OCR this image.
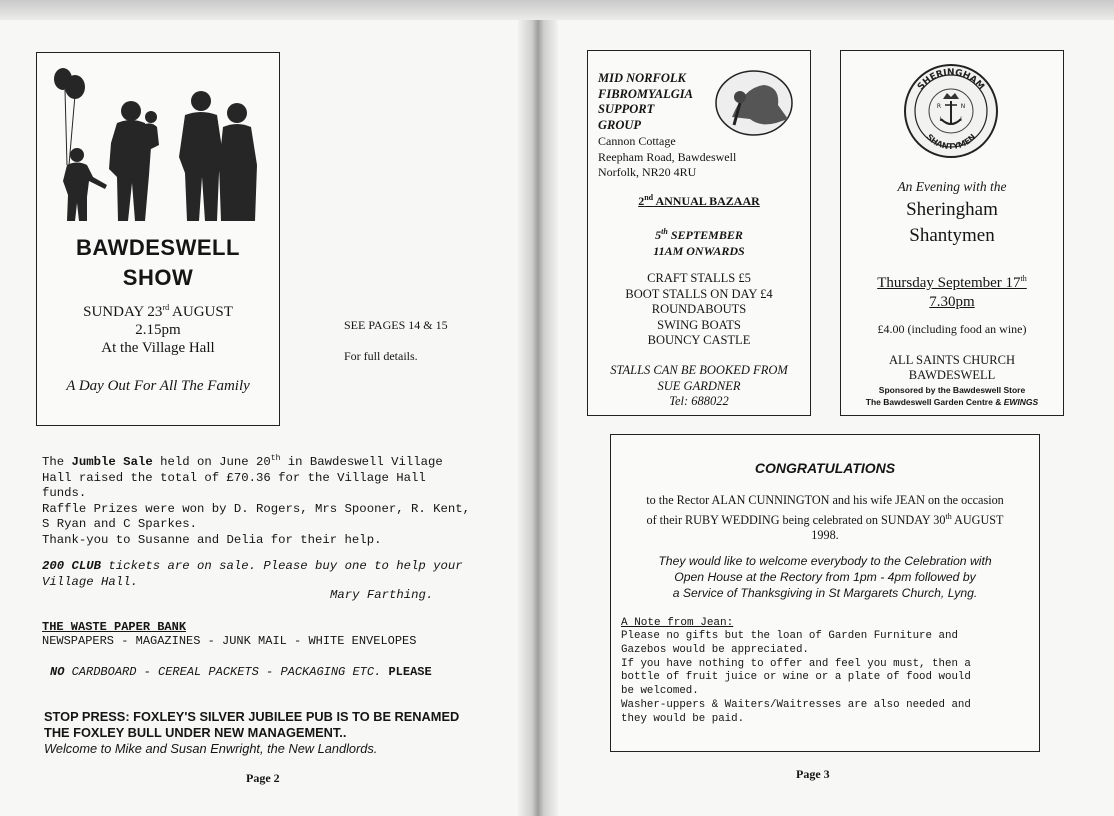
BAWDESWELL
SHOW
SUNDAY 23rd AUGUST
2.15pm
At the Village Hall
A Day Out For All The Family
SEE PAGES 14 & 15
For full details.
The Jumble Sale held on June 20th in Bawdeswell Village
Hall raised the total of £70.36 for the Village Hall
funds.
Raffle Prizes were won by D. Rogers, Mrs Spooner, R. Kent,
S Ryan and C Sparkes.
Thank-you to Susanne and Delia for their help.
200 CLUB tickets are on sale. Please buy one to help your
Village Hall.
Mary Farthing.
THE WASTE PAPER BANK
NEWSPAPERS - MAGAZINES - JUNK MAIL - WHITE ENVELOPES
NO CARDBOARD - CEREAL PACKETS - PACKAGING ETC. PLEASE
STOP PRESS: FOXLEY'S SILVER JUBILEE PUB IS TO BE RENAMED
THE FOXLEY BULL UNDER NEW MANAGEMENT..
Welcome to Mike and Susan Enwright, the New Landlords.
Page 2
MID NORFOLK
FIBROMYALGIA
SUPPORT
GROUP
Cannon Cottage
Reepham Road, Bawdeswell
Norfolk, NR20 4RU
2nd ANNUAL BAZAAR
5th SEPTEMBER
11AM ONWARDS
CRAFT STALLS £5
BOOT STALLS ON DAY £4
ROUNDABOUTS
SWING BOATS
BOUNCY CASTLE
STALLS CAN BE BOOKED FROM
SUE GARDNER
Tel: 688022
SHERINGHAM
SHANTYMEN
R	N
L	I
An Evening with the
Sheringham
Shantymen
Thursday September 17th
7.30pm
£4.00 (including food an wine)
ALL SAINTS CHURCH
BAWDESWELL
Sponsored by the Bawdeswell Store
The Bawdeswell Garden Centre & EWINGS
CONGRATULATIONS
to the Rector ALAN CUNNINGTON and his wife JEAN on the occasion
of their RUBY WEDDING being celebrated on SUNDAY 30th AUGUST
1998.
They would like to welcome everybody to the Celebration with
Open House at the Rectory from 1pm - 4pm followed by
a Service of Thanksgiving in St Margarets Church, Lyng.
A Note from Jean:
Please no gifts but the loan of Garden Furniture and
Gazebos would be appreciated.
If you have nothing to offer and feel you must, then a
bottle of fruit juice or wine or a plate of food would
be welcomed.
Washer-uppers & Waiters/Waitresses are also needed and
they would be paid.
Page 3
